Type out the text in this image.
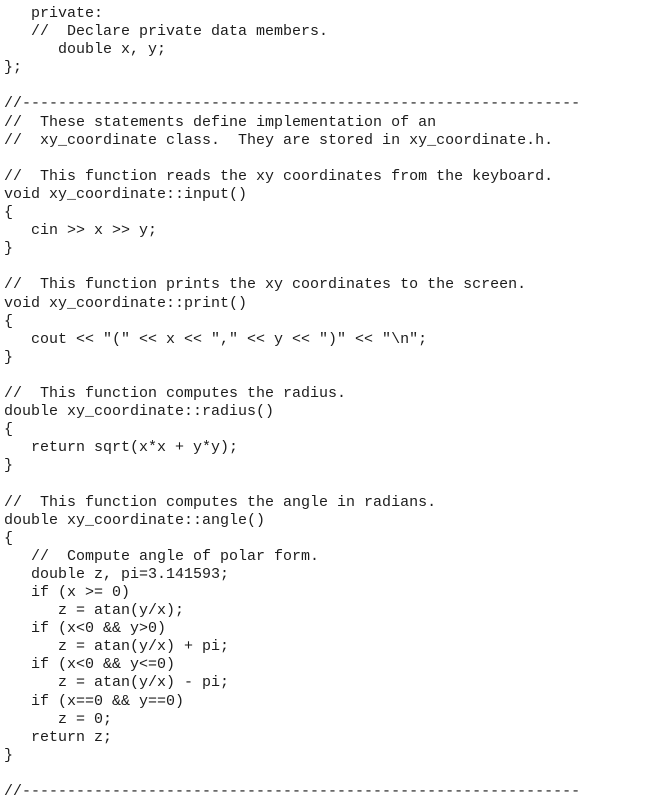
private:
//  Declare private data members.
double x, y;
};
//--------------------------------------------------------------
//  These statements define implementation of an
//  xy_coordinate class.  They are stored in xy_coordinate.h.
//  This function reads the xy coordinates from the keyboard.
void xy_coordinate::input()
{
cin >> x >> y;
}
//  This function prints the xy coordinates to the screen.
void xy_coordinate::print()
{
cout << "(" << x << "," << y << ")" << "\n";
}
//  This function computes the radius.
double xy_coordinate::radius()
{
return sqrt(x*x + y*y);
}
//  This function computes the angle in radians.
double xy_coordinate::angle()
{
//  Compute angle of polar form.
double z, pi=3.141593;
if (x >= 0)
z = atan(y/x);
if (x<0 && y>0)
z = atan(y/x) + pi;
if (x<0 && y<=0)
z = atan(y/x) - pi;
if (x==0 && y==0)
z = 0;
return z;
}
//--------------------------------------------------------------
